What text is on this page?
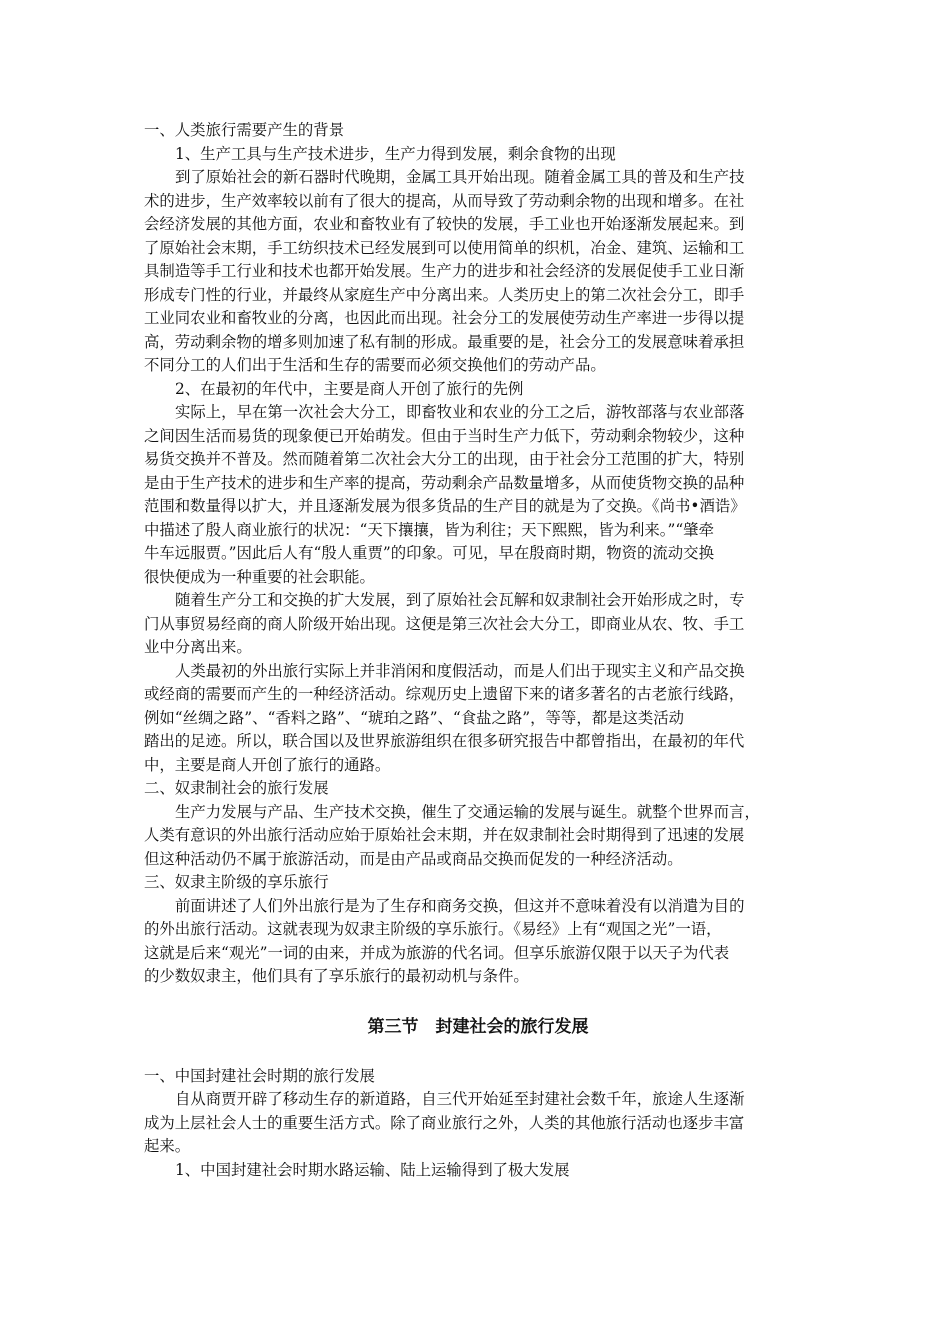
一、人类旅行需要产生的背景
1、生产工具与生产技术进步，生产力得到发展，剩余食物的出现
到了原始社会的新石器时代晚期，金属工具开始出现。随着金属工具的普及和生产技
术的进步，生产效率较以前有了很大的提高，从而导致了劳动剩余物的出现和增多。在社
会经济发展的其他方面，农业和畜牧业有了较快的发展，手工业也开始逐渐发展起来。到
了原始社会末期，手工纺织技术已经发展到可以使用简单的织机，冶金、建筑、运输和工
具制造等手工行业和技术也都开始发展。生产力的进步和社会经济的发展促使手工业日渐
形成专门性的行业，并最终从家庭生产中分离出来。人类历史上的第二次社会分工，即手
工业同农业和畜牧业的分离，也因此而出现。社会分工的发展使劳动生产率进一步得以提
高，劳动剩余物的增多则加速了私有制的形成。最重要的是，社会分工的发展意味着承担
不同分工的人们出于生活和生存的需要而必须交换他们的劳动产品。
2、在最初的年代中，主要是商人开创了旅行的先例
实际上，早在第一次社会大分工，即畜牧业和农业的分工之后，游牧部落与农业部落
之间因生活而易货的现象便已开始萌发。但由于当时生产力低下，劳动剩余物较少，这种
易货交换并不普及。然而随着第二次社会大分工的出现，由于社会分工范围的扩大，特别
是由于生产技术的进步和生产率的提高，劳动剩余产品数量增多，从而使货物交换的品种
范围和数量得以扩大，并且逐渐发展为很多货品的生产目的就是为了交换。《尚书•酒诰》
中描述了殷人商业旅行的状况：“天下攘攘，皆为利往；天下熙熙，皆为利来。”“肇牵
牛车远服贾。”因此后人有“殷人重贾”的印象。可见，早在殷商时期，物资的流动交换
很快便成为一种重要的社会职能。
随着生产分工和交换的扩大发展，到了原始社会瓦解和奴隶制社会开始形成之时，专
门从事贸易经商的商人阶级开始出现。这便是第三次社会大分工，即商业从农、牧、手工
业中分离出来。
人类最初的外出旅行实际上并非消闲和度假活动，而是人们出于现实主义和产品交换
或经商的需要而产生的一种经济活动。综观历史上遗留下来的诸多著名的古老旅行线路，
例如“丝绸之路”、“香料之路”、“琥珀之路”、“食盐之路”，等等，都是这类活动
踏出的足迹。所以，联合国以及世界旅游组织在很多研究报告中都曾指出，在最初的年代
中，主要是商人开创了旅行的通路。
二、奴隶制社会的旅行发展
生产力发展与产品、生产技术交换，催生了交通运输的发展与诞生。就整个世界而言，
人类有意识的外出旅行活动应始于原始社会末期，并在奴隶制社会时期得到了迅速的发展
但这种活动仍不属于旅游活动，而是由产品或商品交换而促发的一种经济活动。
三、奴隶主阶级的享乐旅行
前面讲述了人们外出旅行是为了生存和商务交换，但这并不意味着没有以消遣为目的
的外出旅行活动。这就表现为奴隶主阶级的享乐旅行。《易经》上有“观国之光”一语，
这就是后来“观光”一词的由来，并成为旅游的代名词。但享乐旅游仅限于以天子为代表
的少数奴隶主，他们具有了享乐旅行的最初动机与条件。
第三节　封建社会的旅行发展
一、中国封建社会时期的旅行发展
自从商贾开辟了移动生存的新道路，自三代开始延至封建社会数千年，旅途人生逐渐
成为上层社会人士的重要生活方式。除了商业旅行之外，人类的其他旅行活动也逐步丰富
起来。
1、中国封建社会时期水路运输、陆上运输得到了极大发展
